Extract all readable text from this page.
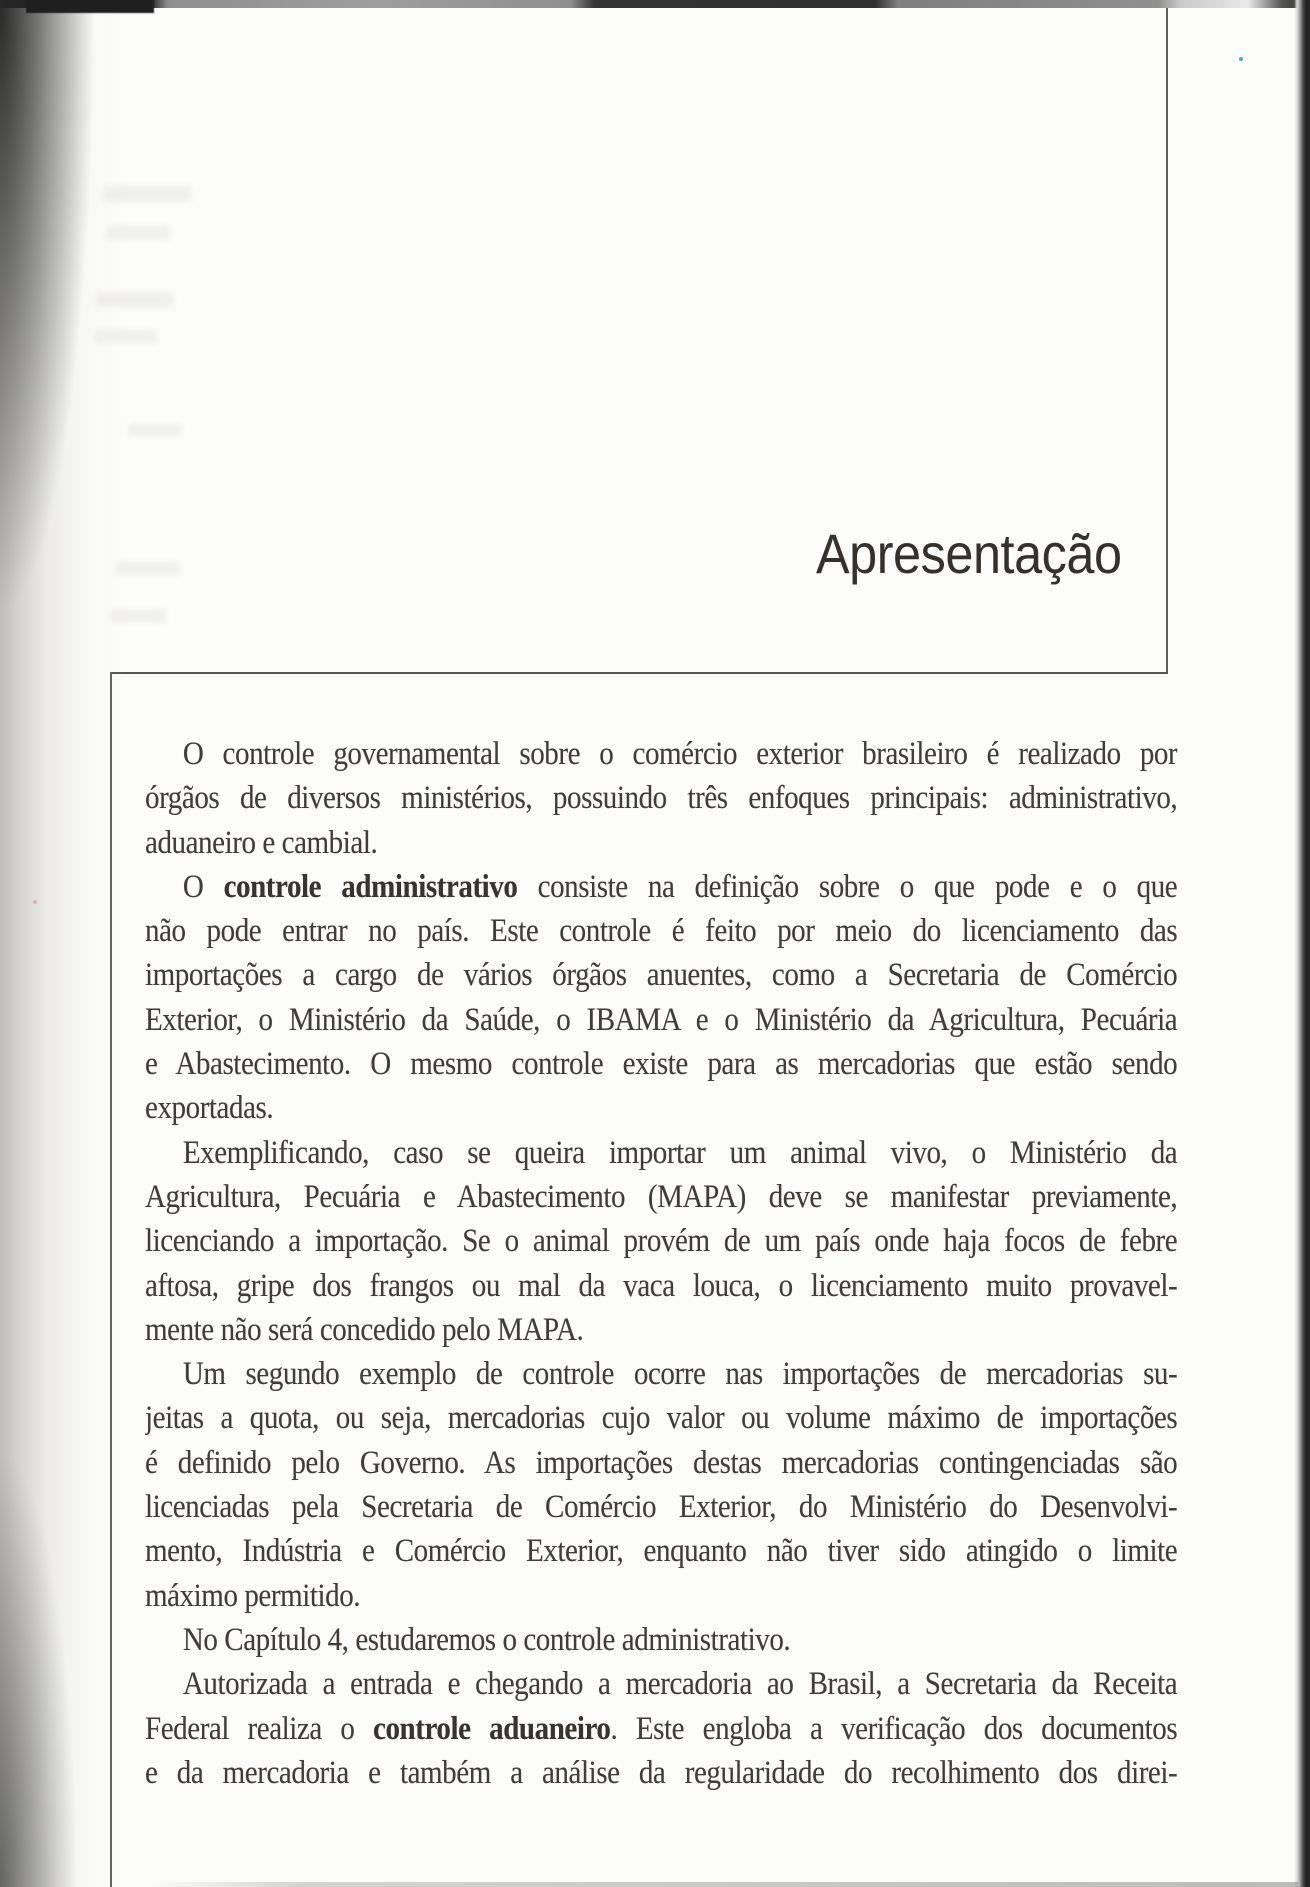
Apresentação
O controle governamental sobre o comércio exterior brasileiro é realizado por
órgãos de diversos ministérios, possuindo três enfoques principais: administrativo,
aduaneiro e cambial.
O controle administrativo consiste na definição sobre o que pode e o que
não pode entrar no país. Este controle é feito por meio do licenciamento das
importações a cargo de vários órgãos anuentes, como a Secretaria de Comércio
Exterior, o Ministério da Saúde, o IBAMA e o Ministério da Agricultura, Pecuária
e Abastecimento. O mesmo controle existe para as mercadorias que estão sendo
exportadas.
Exemplificando, caso se queira importar um animal vivo, o Ministério da
Agricultura, Pecuária e Abastecimento (MAPA) deve se manifestar previamente,
licenciando a importação. Se o animal provém de um país onde haja focos de febre
aftosa, gripe dos frangos ou mal da vaca louca, o licenciamento muito provavel-
mente não será concedido pelo MAPA.
Um segundo exemplo de controle ocorre nas importações de mercadorias su-
jeitas a quota, ou seja, mercadorias cujo valor ou volume máximo de importações
é definido pelo Governo. As importações destas mercadorias contingenciadas são
licenciadas pela Secretaria de Comércio Exterior, do Ministério do Desenvolvi-
mento, Indústria e Comércio Exterior, enquanto não tiver sido atingido o limite
máximo permitido.
No Capítulo 4, estudaremos o controle administrativo.
Autorizada a entrada e chegando a mercadoria ao Brasil, a Secretaria da Receita
Federal realiza o controle aduaneiro. Este engloba a verificação dos documentos
e da mercadoria e também a análise da regularidade do recolhimento dos direi-
